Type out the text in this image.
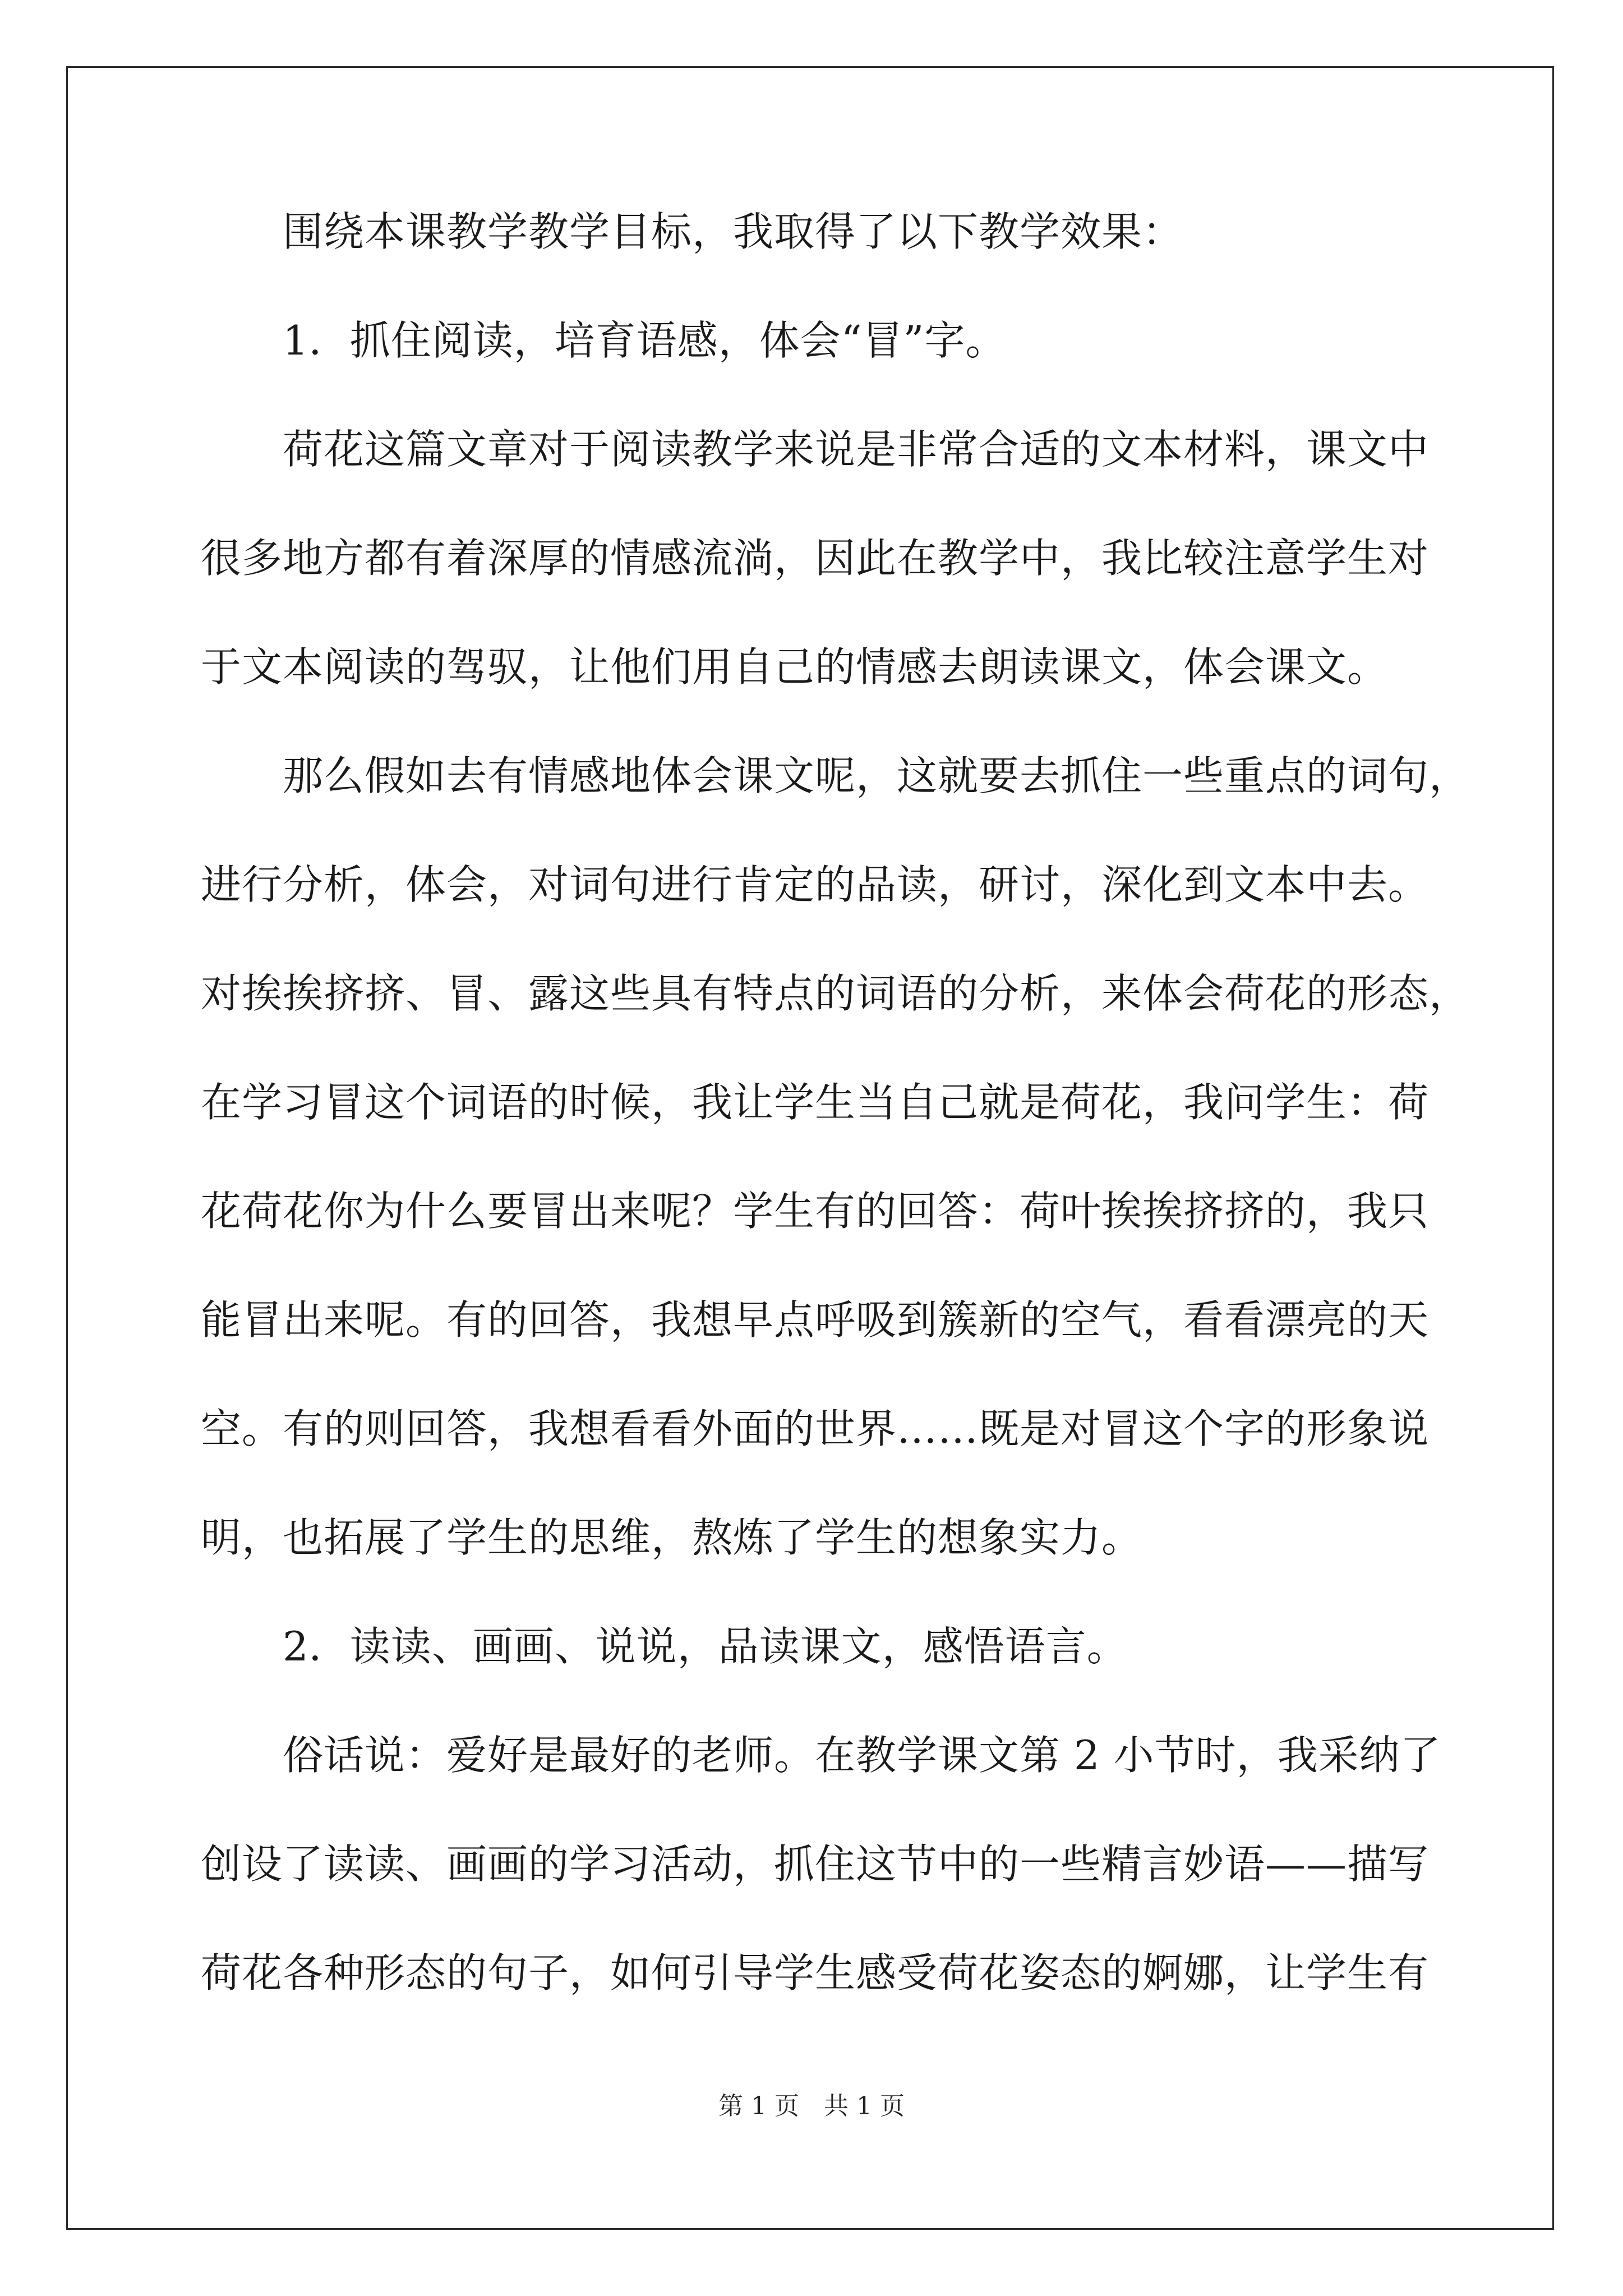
　　围绕本课教学教学目标，我取得了以下教学效果：
　　1．抓住阅读，培育语感，体会“冒”字。
　　荷花这篇文章对于阅读教学来说是非常合适的文本材料，课文中
很多地方都有着深厚的情感流淌，因此在教学中，我比较注意学生对
于文本阅读的驾驭，让他们用自己的情感去朗读课文，体会课文。
　　那么假如去有情感地体会课文呢，这就要去抓住一些重点的词句，
进行分析，体会，对词句进行肯定的品读，研讨，深化到文本中去。
对挨挨挤挤、冒、露这些具有特点的词语的分析，来体会荷花的形态，
在学习冒这个词语的时候，我让学生当自己就是荷花，我问学生：荷
花荷花你为什么要冒出来呢？学生有的回答：荷叶挨挨挤挤的，我只
能冒出来呢。有的回答，我想早点呼吸到簇新的空气，看看漂亮的天
空。有的则回答，我想看看外面的世界……既是对冒这个字的形象说
明，也拓展了学生的思维，熬炼了学生的想象实力。
　　2．读读、画画、说说，品读课文，感悟语言。
　　俗话说：爱好是最好的老师。在教学课文第 2 小节时，我采纳了
创设了读读、画画的学习活动，抓住这节中的一些精言妙语——描写
荷花各种形态的句子，如何引导学生感受荷花姿态的婀娜，让学生有
第 1 页　共 1 页
